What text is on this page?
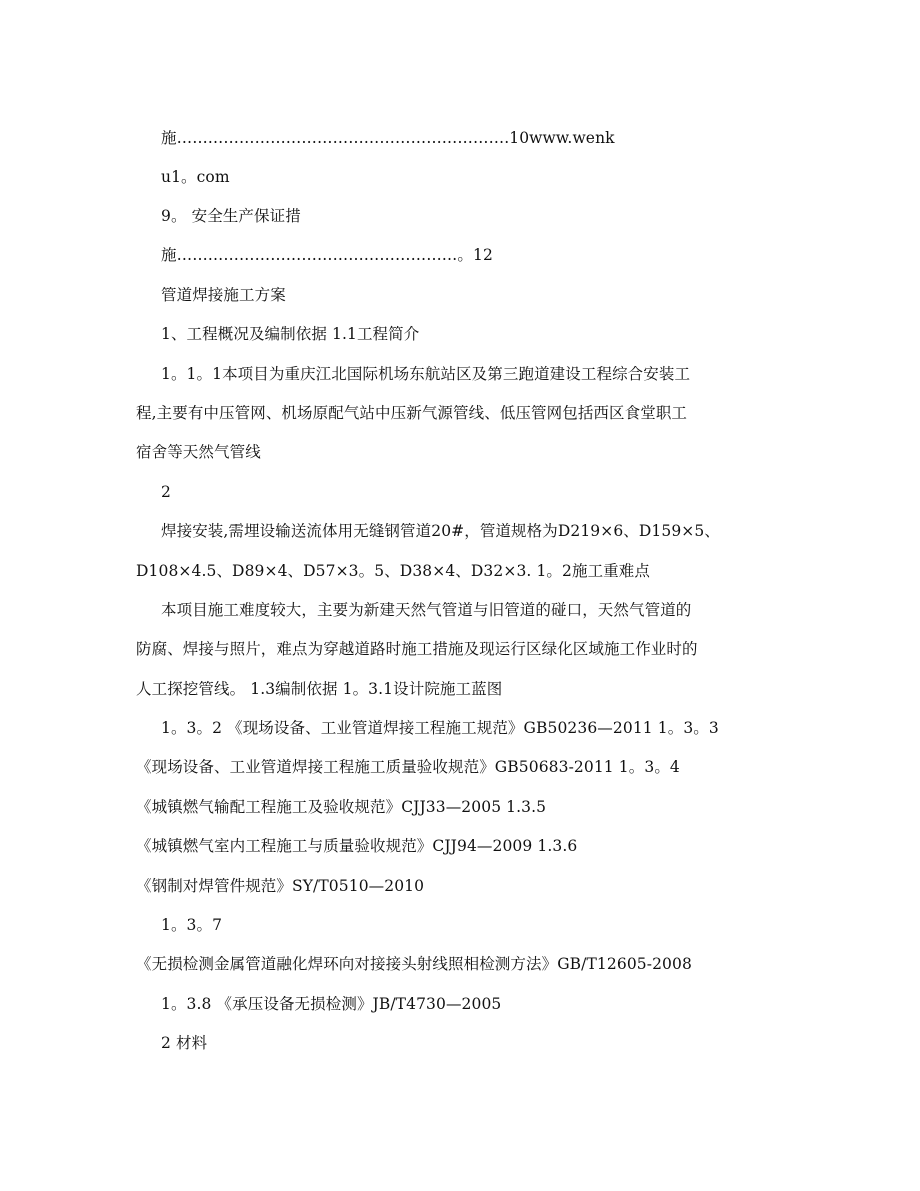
施……………………………………………………….10www.wenk
u1。com
9。 安全生产保证措
施………………………………………………。12
管道焊接施工方案
1、工程概况及编制依据 1.1工程简介
1。1。1本项目为重庆江北国际机场东航站区及第三跑道建设工程综合安装工
程,主要有中压管网、机场原配气站中压新气源管线、低压管网包括西区食堂职工
宿舍等天然气管线
2
焊接安装,需埋设输送流体用无缝钢管道20#，管道规格为D219×6、D159×5、
D108×4.5、D89×4、D57×3。5、D38×4、D32×3. 1。2施工重难点
本项目施工难度较大，主要为新建天然气管道与旧管道的碰口，天然气管道的
防腐、焊接与照片，难点为穿越道路时施工措施及现运行区绿化区域施工作业时的
人工探挖管线。 1.3编制依据 1。3.1设计院施工蓝图
1。3。2 《现场设备、工业管道焊接工程施工规范》GB50236—2011 1。3。3
《现场设备、工业管道焊接工程施工质量验收规范》GB50683-2011 1。3。4
《城镇燃气输配工程施工及验收规范》CJJ33—2005 1.3.5
《城镇燃气室内工程施工与质量验收规范》CJJ94—2009 1.3.6
《钢制对焊管件规范》SY/T0510—2010
1。3。7
《无损检测金属管道融化焊环向对接接头射线照相检测方法》GB/T12605-2008
1。3.8 《承压设备无损检测》JB/T4730—2005
2 材料
